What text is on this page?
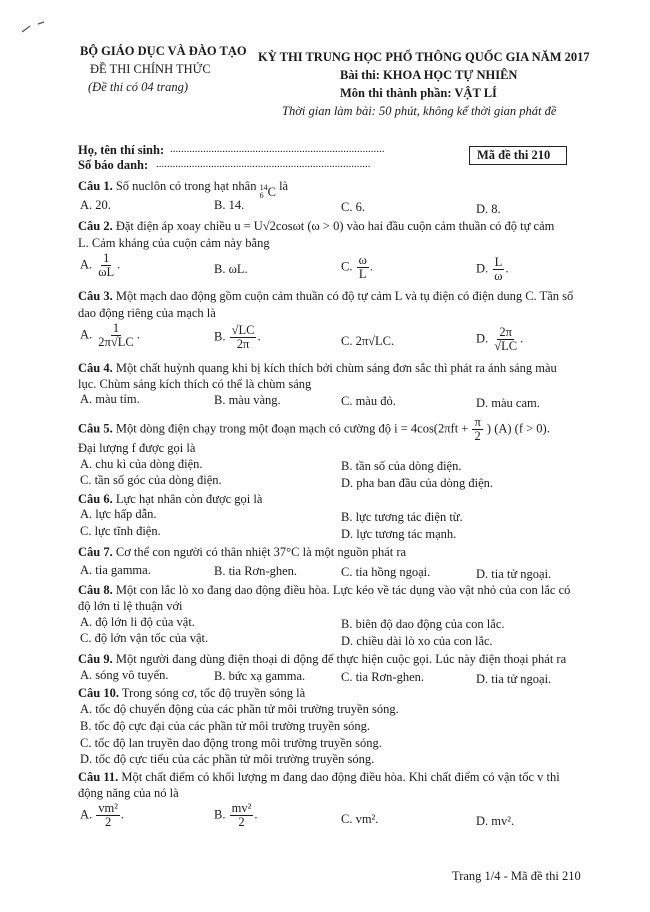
BỘ GIÁO DỤC VÀ ĐÀO TẠO
ĐỀ THI CHÍNH THỨC
(Đề thi có 04 trang)
KỲ THI TRUNG HỌC PHỔ THÔNG QUỐC GIA NĂM 2017
Bài thi: KHOA HỌC TỰ NHIÊN
Môn thi thành phần: VẬT LÍ
Thời gian làm bài: 50 phút, không kể thời gian phát đề
Họ, tên thí sinh: ..............................................................................
Số báo danh: ..............................................................................
Mã đề thi 210
Câu 1. Số nuclôn có trong hạt nhân 14
6 C là
A. 20.	B. 14.	C. 6.	D. 8.
Câu 2. Đặt điện áp xoay chiều u = U√2cosωt (ω > 0) vào hai đầu cuộn cảm thuần có độ tự cảm
L. Cảm kháng của cuộn cảm này bằng
A. $\frac{1}{\omega L}$ .	B. ωL.	C. $\frac{\omega}{L}$ .	D. $\frac{L}{\omega}$ .
Câu 3. Một mạch dao động gồm cuộn cảm thuần có độ tự cảm L và tụ điện có điện dung C. Tần số
dao động riêng của mạch là
A. $\frac{1}{2\pi√LC}$ .	B. $\frac{√LC}{2\pi}$ .	C. 2π√LC.	D. $\frac{2\pi}{√LC}$ .
Câu 4. Một chất huỳnh quang khi bị kích thích bởi chùm sáng đơn sắc thì phát ra ánh sáng màu
lục. Chùm sáng kích thích có thể là chùm sáng
A. màu tím.	B. màu vàng.	C. màu đỏ.	D. màu cam.
Câu 5. Một dòng điện chạy trong một đoạn mạch có cường độ $i = 4\cos(2\pi ft + \frac{\pi}{2}$ ) (A) (f > 0).
Đại lượng f được gọi là
A. chu kì của dòng điện.	B. tần số của dòng điện.
C. tần số góc của dòng điện.	D. pha ban đầu của dòng điện.
Câu 6. Lực hạt nhân còn được gọi là
A. lực hấp dẫn.	B. lực tương tác điện từ.
C. lực tĩnh điện.	D. lực tương tác mạnh.
Câu 7. Cơ thể con người có thân nhiệt 37°C là một nguồn phát ra
A. tia gamma.	B. tia Rơn-ghen.	C. tia hồng ngoại.	D. tia tử ngoại.
Câu 8. Một con lắc lò xo đang dao động điều hòa. Lực kéo về tác dụng vào vật nhỏ của con lắc có
độ lớn tỉ lệ thuận với
A. độ lớn li độ của vật.	B. biên độ dao động của con lắc.
C. độ lớn vận tốc của vật.	D. chiều dài lò xo của con lắc.
Câu 9. Một người đang dùng điện thoại di động để thực hiện cuộc gọi. Lúc này điện thoại phát ra
A. sóng vô tuyến.	B. bức xạ gamma.	C. tia Rơn-ghen.	D. tia tử ngoại.
Câu 10. Trong sóng cơ, tốc độ truyền sóng là
A. tốc độ chuyển động của các phần tử môi trường truyền sóng.
B. tốc độ cực đại của các phần tử môi trường truyền sóng.
C. tốc độ lan truyền dao động trong môi trường truyền sóng.
D. tốc độ cực tiểu của các phần tử môi trường truyền sóng.
Câu 11. Một chất điểm có khối lượng m đang dao động điều hòa. Khi chất điểm có vận tốc v thì
động năng của nó là
A. $\frac{\text{vm²}}{2}$ .	B. $\frac{\text{mv²}}{2}$ .	C. vm².	D. mv².
Trang 1/4 - Mã đề thi 210
